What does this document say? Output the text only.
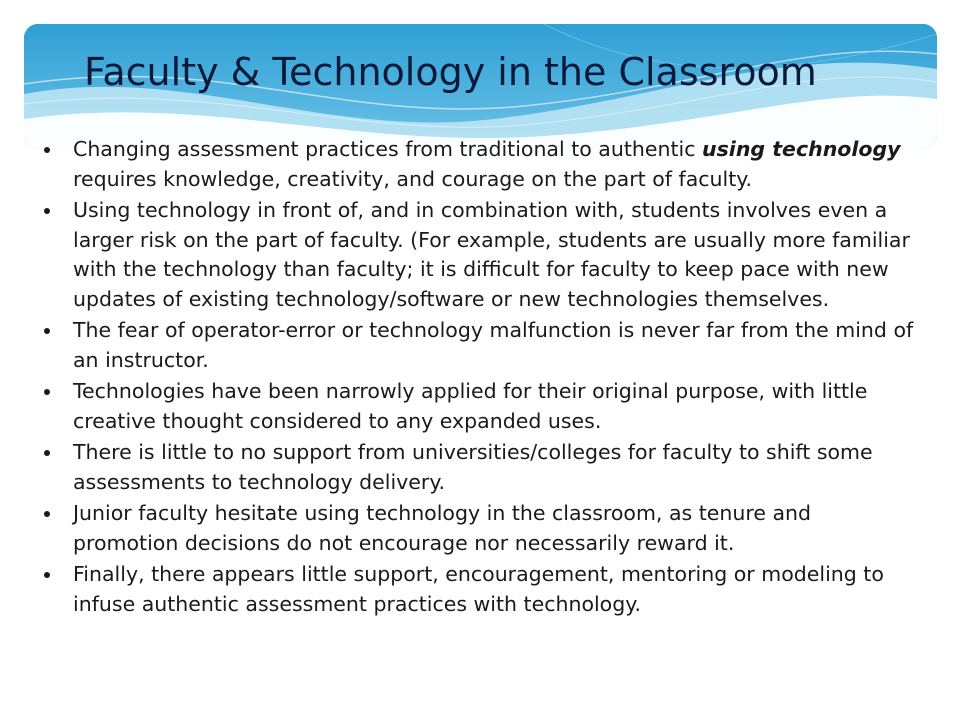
Faculty & Technology in the Classroom
Changing assessment practices from traditional to authentic using technology requires knowledge, creativity, and courage on the part of faculty.
Using technology in front of, and in combination with, students involves even a larger risk on the part of faculty. (For example, students are usually more familiar with the technology than faculty; it is difficult for faculty to keep pace with new updates of existing technology/software or new technologies themselves.
The fear of operator-error or technology malfunction is never far from the mind of an instructor.
Technologies have been narrowly applied for their original purpose, with little creative thought considered to any expanded uses.
There is little to no support from universities/colleges for faculty to shift some assessments to technology delivery.
Junior faculty hesitate using technology in the classroom, as tenure and promotion decisions do not encourage nor necessarily reward it.
Finally, there appears little support, encouragement, mentoring or modeling to infuse authentic assessment practices with technology.
